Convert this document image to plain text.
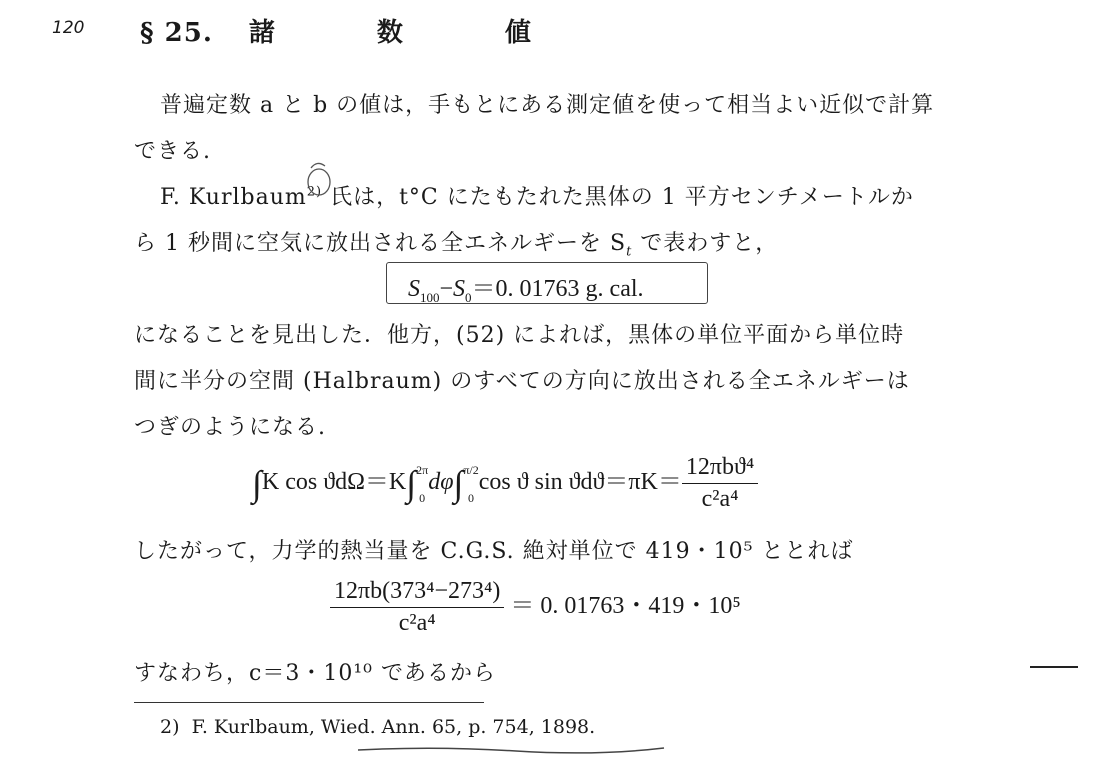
120 § 25. 諸　数　値
普遍定数 a と b の値は，手もとにある測定値を使って相当よい近似で計算
できる.
F. Kurlbaum$^{2)}$ 氏は，t°C にたもたれた黒体の 1 平方センチメートルか
ら 1 秒間に空気に放出される全エネルギーを $S_t$ で表わすと，
$S_{100}-S_0=0$. 01763 g. cal.
になることを見出した．他方，(52) によれば，黒体の単位平面から単位時
間に半分の空間 (Halbraum) のすべての方向に放出される全エネルギーは
つぎのようになる.
∫K cos ϑdΩ＝K∫ 2π
0
dφ∫ π/2
0
cos ϑ $\sin ϑdϑ=\pi K= \frac{\text{12πbϑ⁴}}{\text{c²a⁴}}$
したがって，力学的熱当量を C.G.S. 絶対単位で 419・10⁵ ととれば
$\frac{\text{12πb(373⁴−273⁴)}}{\text{c²a⁴}} = 0$. 01763・419・10⁵
すなわち，c＝3・10¹⁰ であるから
2) F. Kurlbaum, Wied. Ann. 65, p. 754, 1898.
